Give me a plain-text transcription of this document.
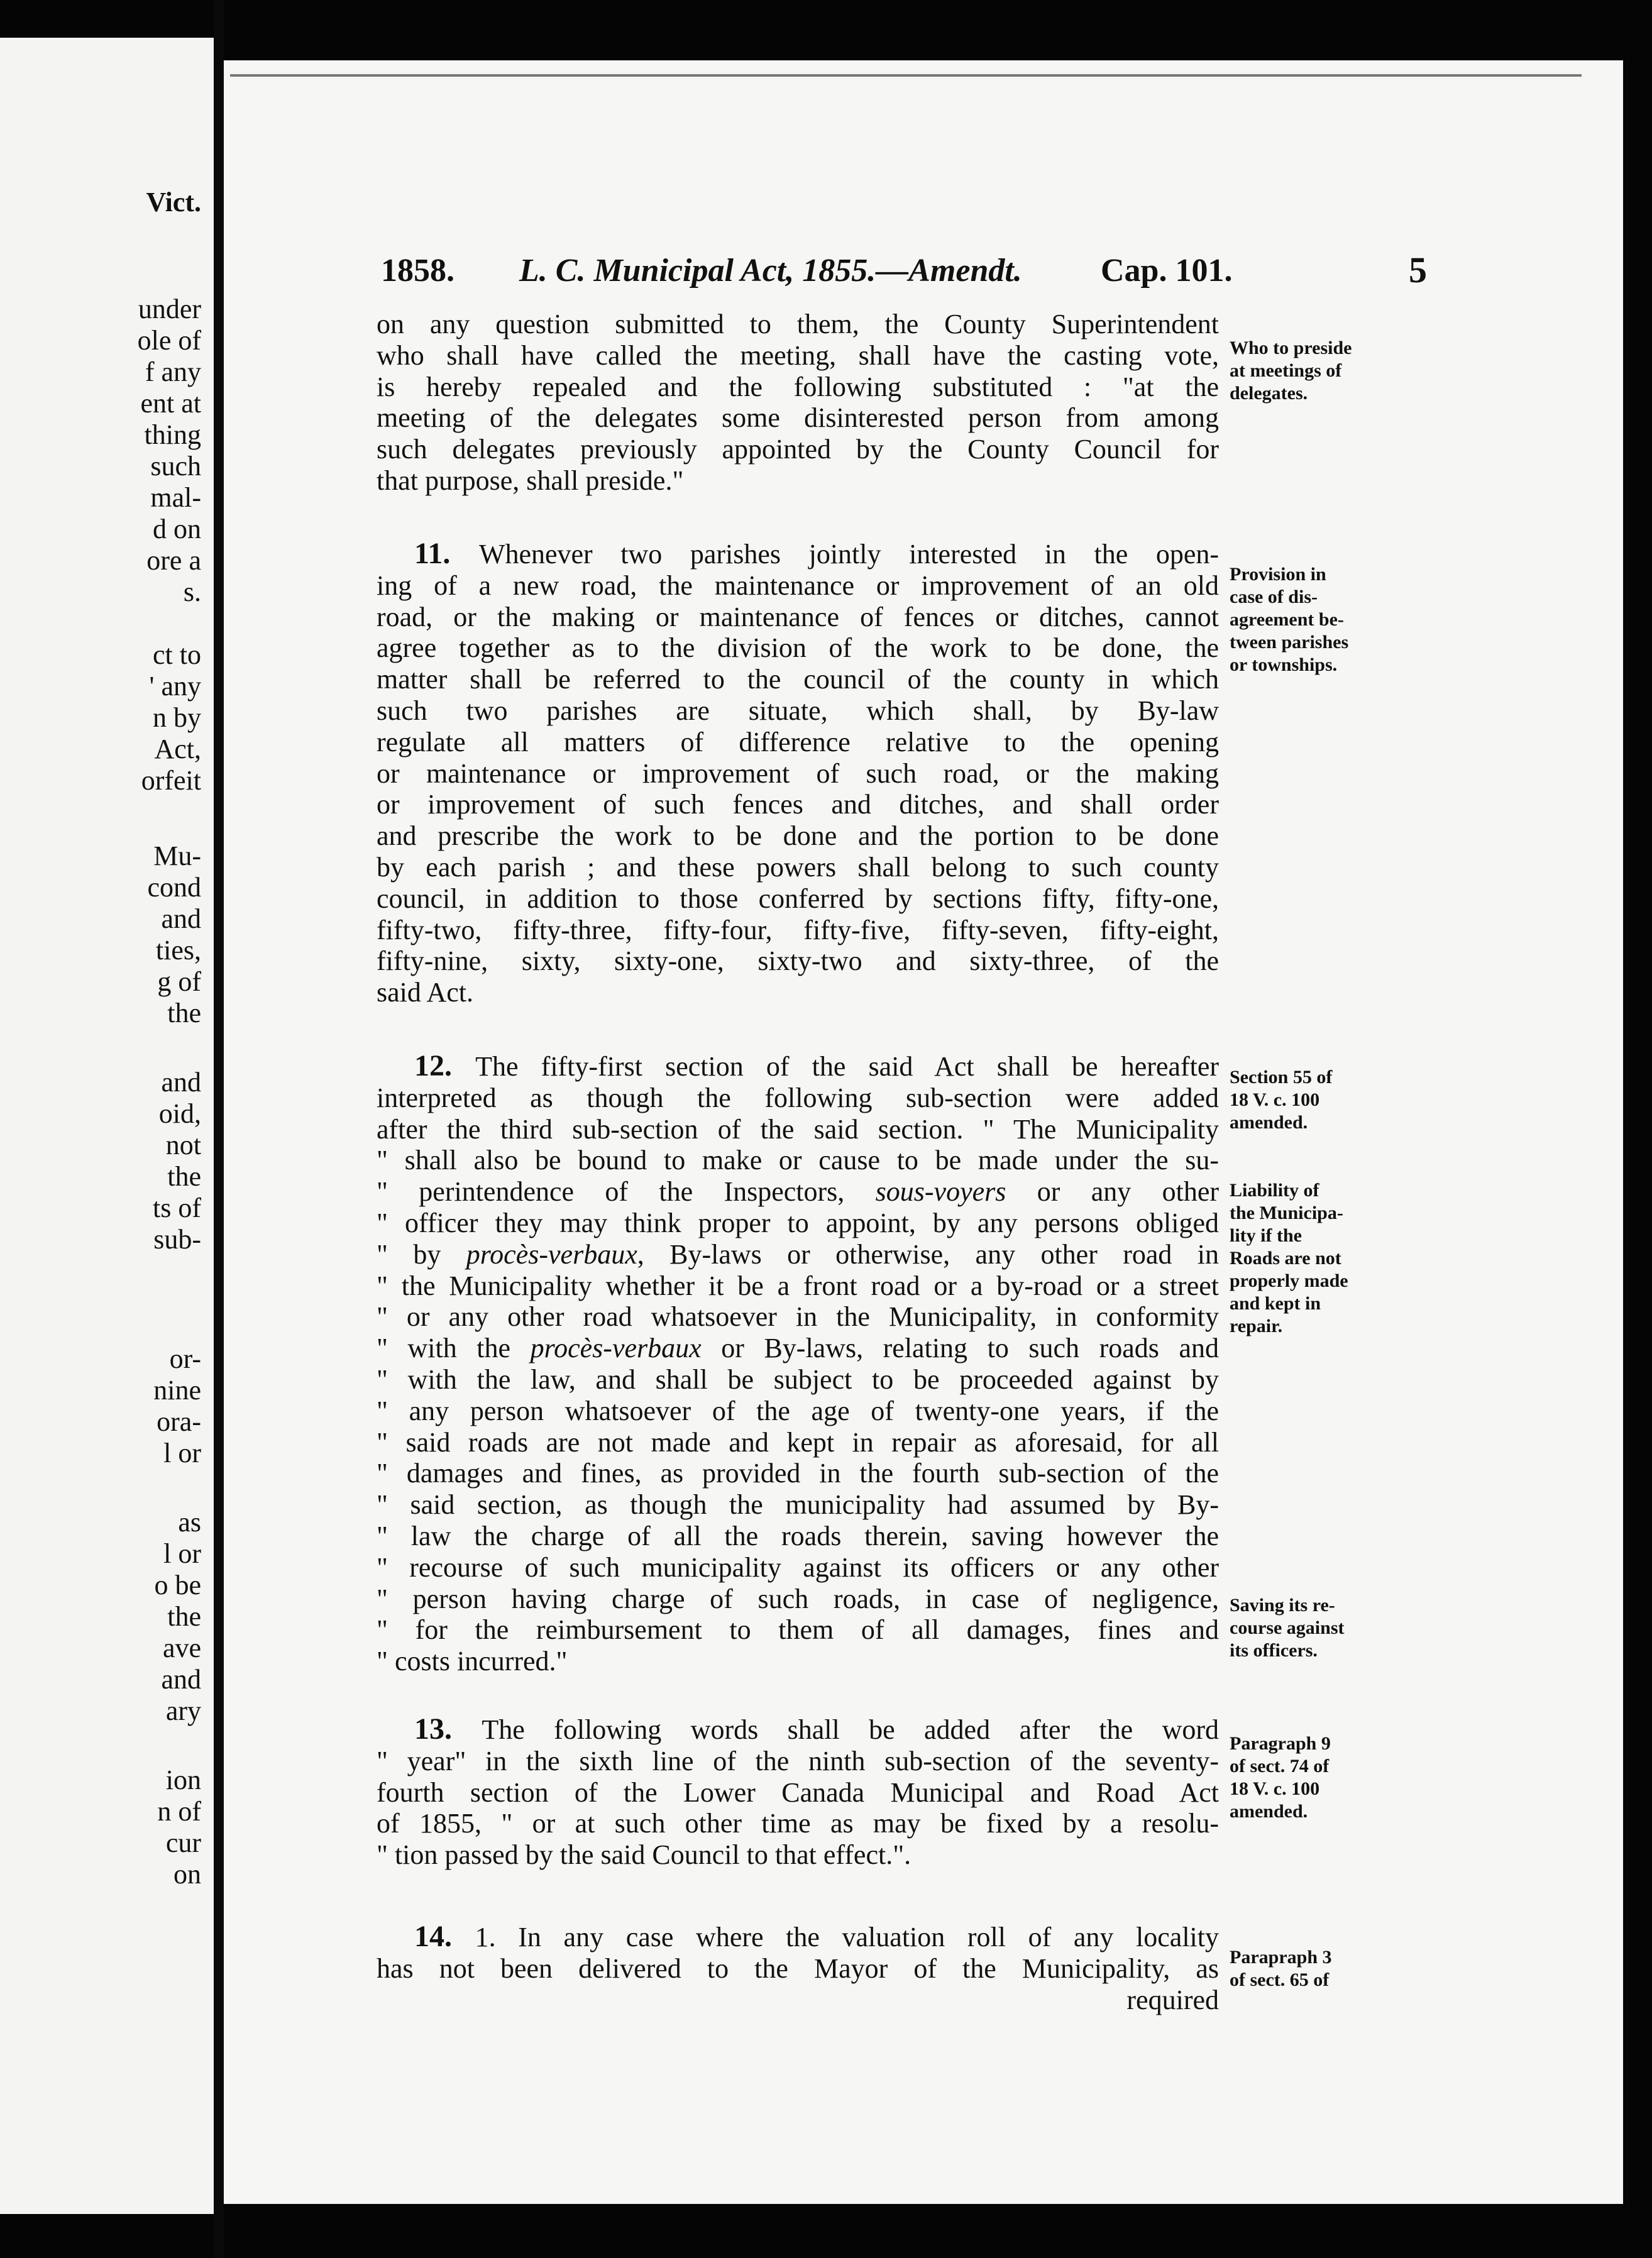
Vict.
under
ole of
f any
ent at
thing
such
mal-
d on
ore a
s.
ct to
' any
n by
Act,
orfeit
Mu-
cond
and
ties,
g of
the
and
oid,
not
the
ts of
sub-
or-
nine
ora-
l or
as
l or
o be
the
ave
and
ary
ion
n of
cur
on
1858. L. C. Municipal Act, 1855.—Amendt. Cap. 101.	5
on any question submitted to them, the County Superintendent
who shall have called the meeting, shall have the casting vote,
is hereby repealed and the following substituted : "at the
meeting of the delegates some disinterested person from among
such delegates previously appointed by the County Council for
that purpose, shall preside."
11. Whenever two parishes jointly interested in the open-
ing of a new road, the maintenance or improvement of an old
road, or the making or maintenance of fences or ditches, cannot
agree together as to the division of the work to be done, the
matter shall be referred to the council of the county in which
such two parishes are situate, which shall, by By-law
regulate all matters of difference relative to the opening
or maintenance or improvement of such road, or the making
or improvement of such fences and ditches, and shall order
and prescribe the work to be done and the portion to be done
by each parish ; and these powers shall belong to such county
council, in addition to those conferred by sections fifty, fifty-one,
fifty-two, fifty-three, fifty-four, fifty-five, fifty-seven, fifty-eight,
fifty-nine, sixty, sixty-one, sixty-two and sixty-three, of the
said Act.
12. The fifty-first section of the said Act shall be hereafter
interpreted as though the following sub-section were added
after the third sub-section of the said section. " The Municipality
" shall also be bound to make or cause to be made under the su-
" perintendence of the Inspectors, sous-voyers or any other
" officer they may think proper to appoint, by any persons obliged
" by procès-verbaux, By-laws or otherwise, any other road in
" the Municipality whether it be a front road or a by-road or a street
" or any other road whatsoever in the Municipality, in conformity
" with the procès-verbaux or By-laws, relating to such roads and
" with the law, and shall be subject to be proceeded against by
" any person whatsoever of the age of twenty-one years, if the
" said roads are not made and kept in repair as aforesaid, for all
" damages and fines, as provided in the fourth sub-section of the
" said section, as though the municipality had assumed by By-
" law the charge of all the roads therein, saving however the
" recourse of such municipality against its officers or any other
" person having charge of such roads, in case of negligence,
" for the reimbursement to them of all damages, fines and
" costs incurred."
13. The following words shall be added after the word
" year" in the sixth line of the ninth sub-section of the seventy-
fourth section of the Lower Canada Municipal and Road Act
of 1855, " or at such other time as may be fixed by a resolu-
" tion passed by the said Council to that effect.".
14. 1. In any case where the valuation roll of any locality
has not been delivered to the Mayor of the Municipality, as
required
Who to preside
at meetings of
delegates.
Provision in
case of dis-
agreement be-
tween parishes
or townships.
Section 55 of
18 V. c. 100
amended.
Liability of
the Municipa-
lity if the
Roads are not
properly made
and kept in
repair.
Saving its re-
course against
its officers.
Paragraph 9
of sect. 74 of
18 V. c. 100
amended.
Parapraph 3
of sect. 65 of
